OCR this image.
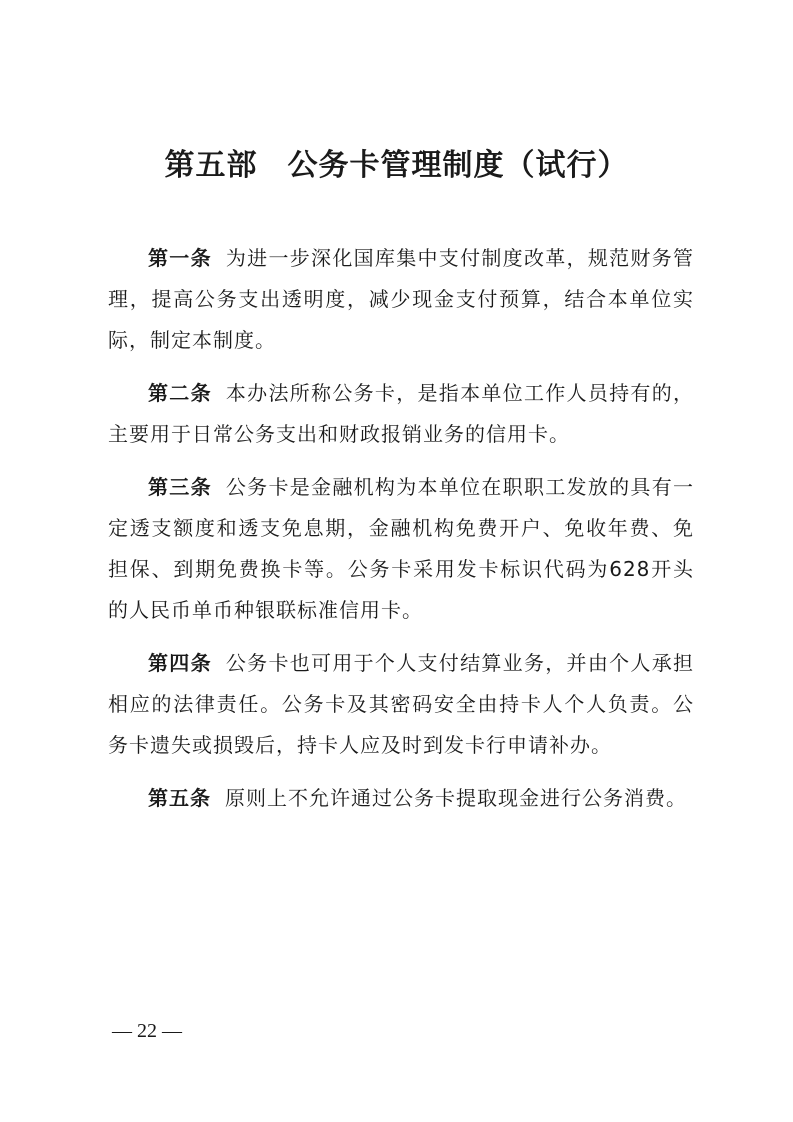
第五部 公务卡管理制度（试行）

第一条 为进一步深化国库集中支付制度改革，规范财务管理，提高公务支出透明度，减少现金支付预算，结合本单位实际，制定本制度。

第二条 本办法所称公务卡，是指本单位工作人员持有的，主要用于日常公务支出和财政报销业务的信用卡。

第三条 公务卡是金融机构为本单位在职职工发放的具有一定透支额度和透支免息期，金融机构免费开户、免收年费、免担保、到期免费换卡等。公务卡采用发卡标识代码为628开头的人民币单币种银联标准信用卡。

第四条 公务卡也可用于个人支付结算业务，并由个人承担相应的法律责任。公务卡及其密码安全由持卡人个人负责。公务卡遗失或损毁后，持卡人应及时到发卡行申请补办。

第五条 原则上不允许通过公务卡提取现金进行公务消费。

— 22 —
